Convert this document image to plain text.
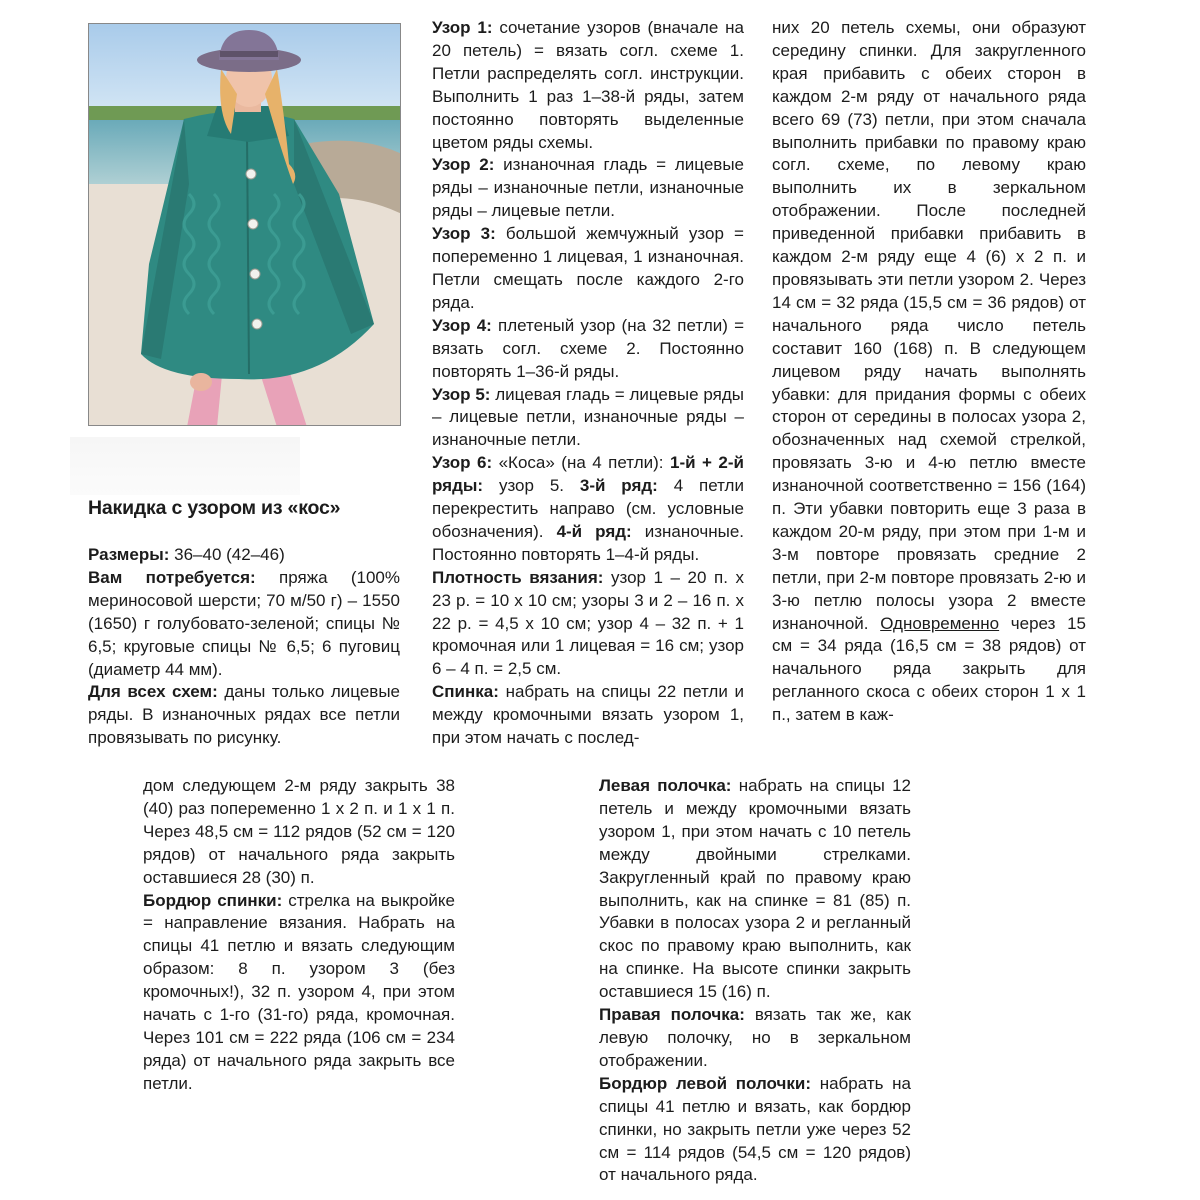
Накидка с узором из «кос»

Размеры: 36–40 (42–46)

Вам потребуется: пряжа (100% мериносовой шерсти; 70 м/50 г) – 1550 (1650) г голубовато-зеленой; спицы № 6,5; круговые спицы № 6,5; 6 пуговиц (диаметр 44 мм).

Для всех схем: даны только лицевые ряды. В изнаночных рядах все петли провязывать по рисунку.

Узор 1: сочетание узоров (вначале на 20 петель) = вязать согл. схеме 1. Петли распределять согл. инструкции. Выполнить 1 раз 1–38-й ряды, затем постоянно повторять выделенные цветом ряды схемы.

Узор 2: изнаночная гладь = лицевые ряды – изнаночные петли, изнаночные ряды – лицевые петли.

Узор 3: большой жемчужный узор = попеременно 1 лицевая, 1 изнаночная. Петли смещать после каждого 2-го ряда.

Узор 4: плетеный узор (на 32 петли) = вязать согл. схеме 2. Постоянно повторять 1–36-й ряды.

Узор 5: лицевая гладь = лицевые ряды – лицевые петли, изнаночные ряды – изнаночные петли.

Узор 6: «Коса» (на 4 петли): 1-й + 2-й ряды: узор 5. 3-й ряд: 4 петли перекрестить направо (см. условные обозначения). 4-й ряд: изнаночные. Постоянно повторять 1–4-й ряды.

Плотность вязания: узор 1 – 20 п. х 23 р. = 10 х 10 см; узоры 3 и 2 – 16 п. х 22 р. = 4,5 х 10 см; узор 4 – 32 п. + 1 кромочная или 1 лицевая = 16 см; узор 6 – 4 п. = 2,5 см.

Спинка: набрать на спицы 22 петли и между кромочными вязать узором 1, при этом начать с послед-

них 20 петель схемы, они образуют середину спинки. Для закругленного края прибавить с обеих сторон в каждом 2-м ряду от начального ряда всего 69 (73) петли, при этом сначала выполнить прибавки по правому краю согл. схеме, по левому краю выполнить их в зеркальном отображении. После последней приведенной прибавки прибавить в каждом 2-м ряду еще 4 (6) х 2 п. и провязывать эти петли узором 2. Через 14 см = 32 ряда (15,5 см = 36 рядов) от начального ряда число петель составит 160 (168) п. В следующем лицевом ряду начать выполнять убавки: для придания формы с обеих сторон от середины в полосах узора 2, обозначенных над схемой стрелкой, провязать 3-ю и 4-ю петлю вместе изнаночной соответственно = 156 (164) п. Эти убавки повторить еще 3 раза в каждом 20-м ряду, при этом при 1-м и 3-м повторе провязать средние 2 петли, при 2-м повторе провязать 2-ю и 3-ю петлю полосы узора 2 вместе изнаночной. Одновременно через 15 см = 34 ряда (16,5 см = 38 рядов) от начального ряда закрыть для регланного скоса с обеих сторон 1 х 1 п., затем в каж-

дом следующем 2-м ряду закрыть 38 (40) раз попеременно 1 х 2 п. и 1 х 1 п. Через 48,5 см = 112 рядов (52 см = 120 рядов) от начального ряда закрыть оставшиеся 28 (30) п.

Бордюр спинки: стрелка на выкройке = направление вязания. Набрать на спицы 41 петлю и вязать следующим образом: 8 п. узором 3 (без кромочных!), 32 п. узором 4, при этом начать с 1-го (31-го) ряда, кромочная. Через 101 см = 222 ряда (106 см = 234 ряда) от начального ряда закрыть все петли.

Левая полочка: набрать на спицы 12 петель и между кромочными вязать узором 1, при этом начать с 10 петель между двойными стрелками. Закругленный край по правому краю выполнить, как на спинке = 81 (85) п. Убавки в полосах узора 2 и регланный скос по правому краю выполнить, как на спинке. На высоте спинки закрыть оставшиеся 15 (16) п.

Правая полочка: вязать так же, как левую полочку, но в зеркальном отображении.

Бордюр левой полочки: набрать на спицы 41 петлю и вязать, как бордюр спинки, но закрыть петли уже через 52 см = 114 рядов (54,5 см = 120 рядов) от начального ряда.
